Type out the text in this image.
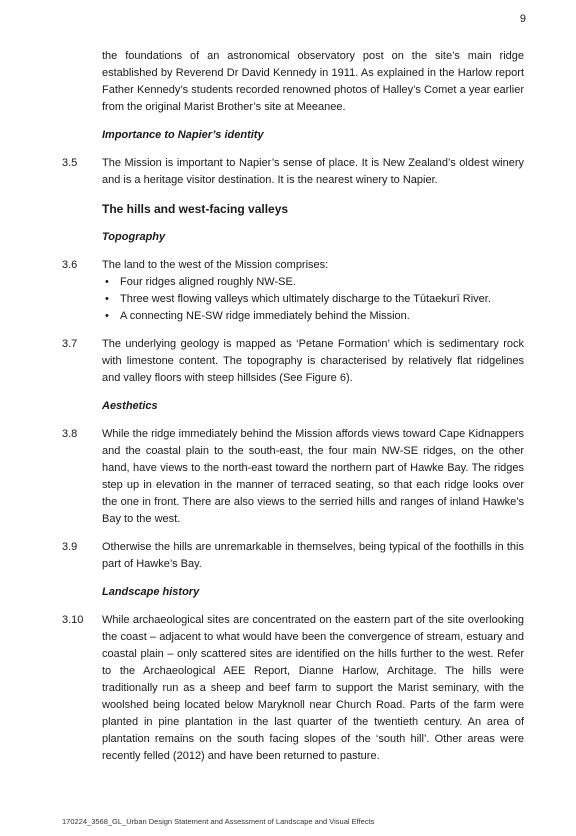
9

the foundations of an astronomical observatory post on the site’s main ridge established by Reverend Dr David Kennedy in 1911. As explained in the Harlow report Father Kennedy’s students recorded renowned photos of Halley’s Comet a year earlier from the original Marist Brother’s site at Meeanee.

Importance to Napier’s identity
3.5	The Mission is important to Napier’s sense of place. It is New Zealand’s oldest winery and is a heritage visitor destination. It is the nearest winery to Napier.

The hills and west-facing valleys
Topography
3.6	The land to the west of the Mission comprises:

• Four ridges aligned roughly NW-SE.
• Three west flowing valleys which ultimately discharge to the Tūtaekurī River.
• A connecting NE-SW ridge immediately behind the Mission.
3.7	The underlying geology is mapped as ‘Petane Formation’ which is sedimentary rock with limestone content. The topography is characterised by relatively flat ridgelines and valley floors with steep hillsides (See Figure 6).

Aesthetics
3.8	While the ridge immediately behind the Mission affords views toward Cape Kidnappers and the coastal plain to the south-east, the four main NW-SE ridges, on the other hand, have views to the north-east toward the northern part of Hawke Bay. The ridges step up in elevation in the manner of terraced seating, so that each ridge looks over the one in front. There are also views to the serried hills and ranges of inland Hawke’s Bay to the west.

3.9	Otherwise the hills are unremarkable in themselves, being typical of the foothills in this part of Hawke’s Bay.

Landscape history
3.10	While archaeological sites are concentrated on the eastern part of the site overlooking the coast – adjacent to what would have been the convergence of stream, estuary and coastal plain – only scattered sites are identified on the hills further to the west. Refer to the Archaeological AEE Report, Dianne Harlow, Architage. The hills were traditionally run as a sheep and beef farm to support the Marist seminary, with the woolshed being located below Maryknoll near Church Road. Parts of the farm were planted in pine plantation in the last quarter of the twentieth century. An area of plantation remains on the south facing slopes of the ‘south hill’. Other areas were recently felled (2012) and have been returned to pasture.

170224_3568_GL_Urban Design Statement and Assessment of Landscape and Visual Effects
